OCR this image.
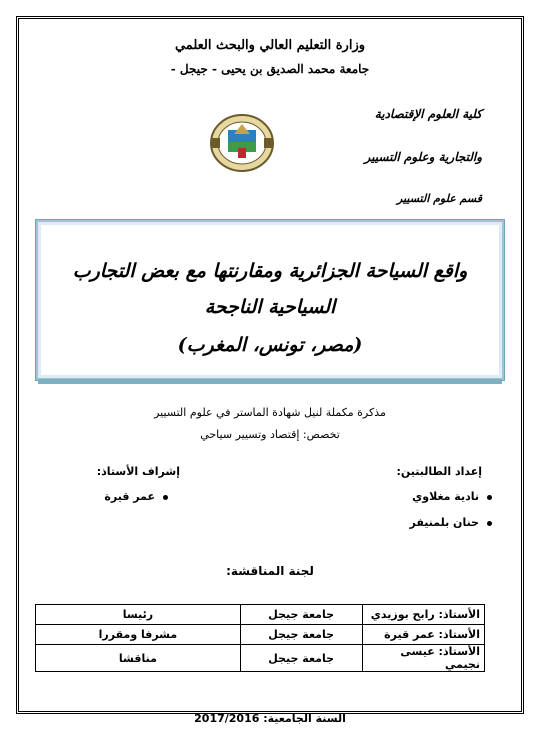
وزارة التعليم العالي والبحث العلمي
جامعة محمد الصديق بن يحيى - جيجل -
كلية العلوم الإقتصادية
والتجارية وعلوم التسيير
قسم علوم التسيير
واقع السياحة الجزائرية ومقارنتها مع بعض التجارب
السياحية الناجحة
(مصر، تونس، المغرب)
مذكرة مكملة لنيل شهادة الماستر في علوم التسيير
تخصص: إقتصاد وتسيير سياحي
إعداد الطالبتين:
إشراف الأستاذ:
نادية مغلاوي
حنان بلمنيفر
عمر قيرة
لجنة المناقشة:
الأستاذ: رابح بوزيدي	جامعة جيجل	رئيسا
الأستاذ: عمر قيرة	جامعة جيجل	مشرفا ومقررا
الأستاذ: عيسى نجيمي	جامعة جيجل	مناقشا
السنة الجامعية: 2017/2016
